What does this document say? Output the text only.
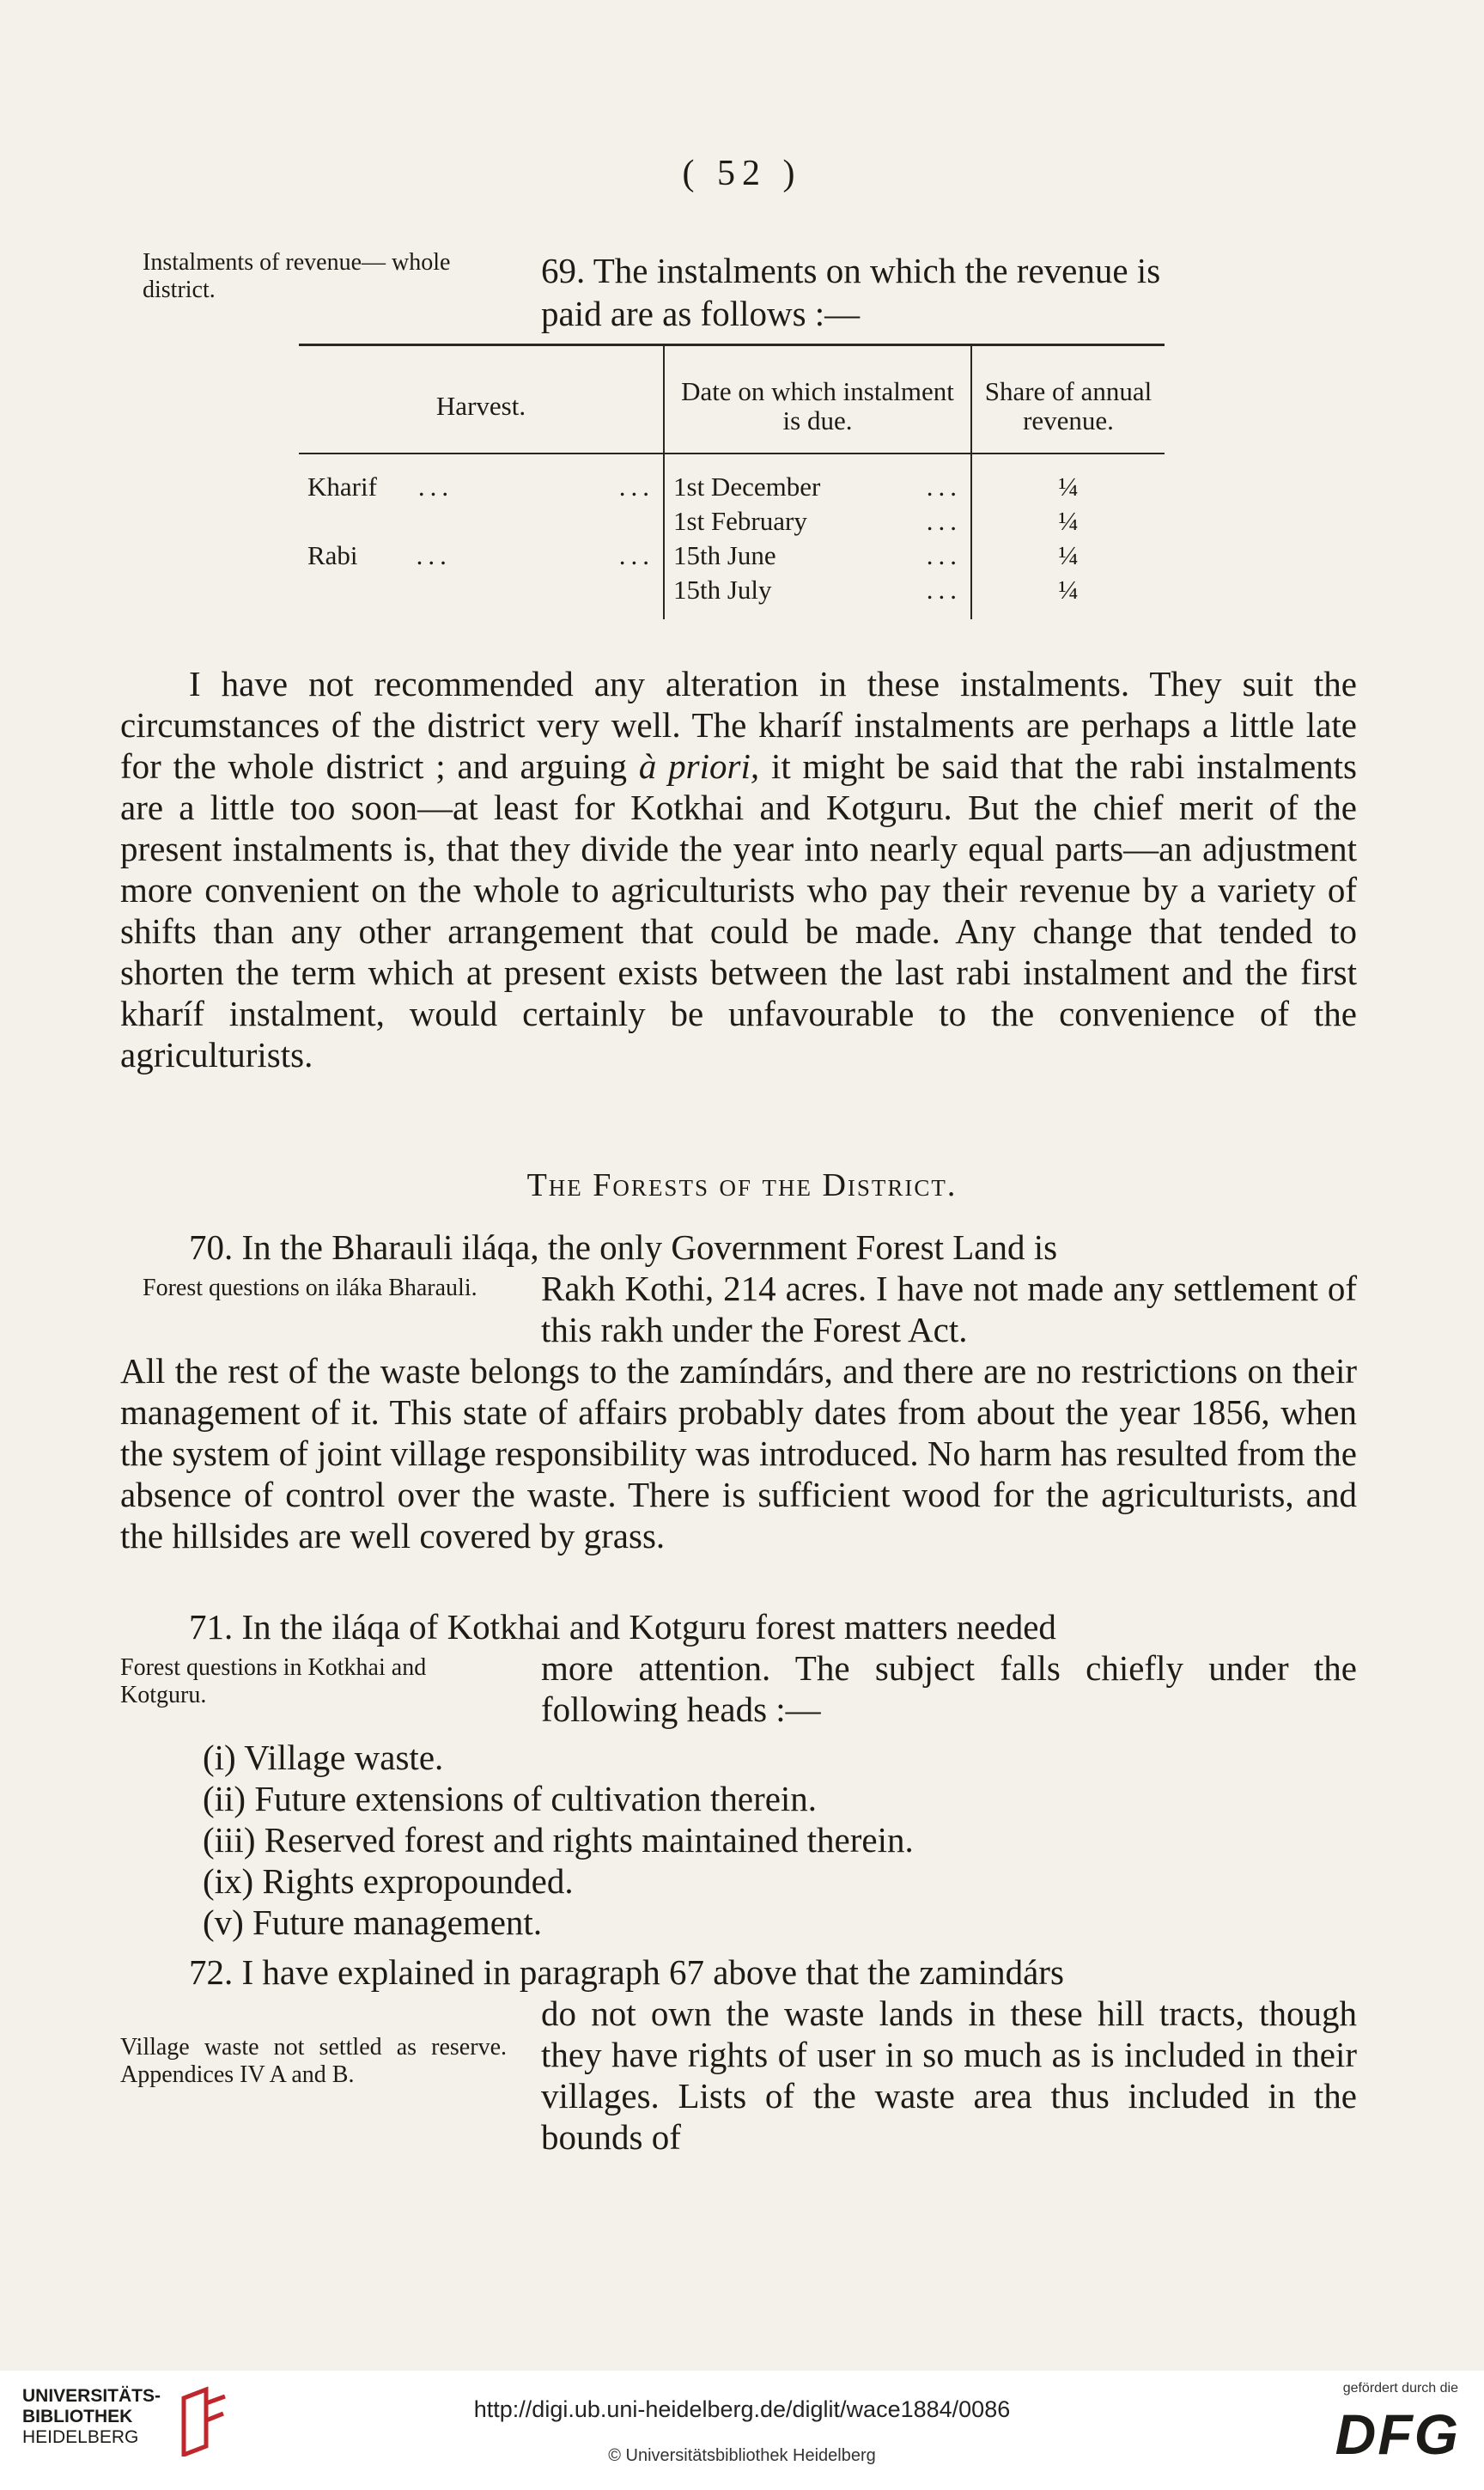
( 52 )
Instalments of revenue— whole district.	69. The instalments on which the revenue is
paid are as follows :—
Harvest.	Date on which instalment is due.	Share of annual revenue.
Kharif ... ...	1st December ...	¼
	1st February ...	¼
Rabi ... ...	15th June ...	¼
	15th July ...	¼
I have not recommended any alteration in these instalments. They suit the circumstances of the district very well. The kharíf instalments are perhaps a little late for the whole district ; and arguing à priori, it might be said that the rabi instalments are a little too soon—at least for Kotkhai and Kotguru. But the chief merit of the present instalments is, that they divide the year into nearly equal parts—an adjustment more convenient on the whole to agriculturists who pay their revenue by a variety of shifts than any other arrangement that could be made. Any change that tended to shorten the term which at present exists between the last rabi instalment and the first kharíf instalment, would certainly be unfavourable to the convenience of the agriculturists.
The Forests of the District.
70. In the Bharauli iláqa, the only Government Forest Land is
Forest questions on iláka Bharauli.	Rakh Kothi, 214 acres. I have not made any settlement of this rakh under the Forest Act.
All the rest of the waste belongs to the zamíndárs, and there are no restrictions on their management of it. This state of affairs probably dates from about the year 1856, when the system of joint village responsibility was introduced. No harm has resulted from the absence of control over the waste. There is sufficient wood for the agriculturists, and the hillsides are well covered by grass.
71. In the iláqa of Kotkhai and Kotguru forest matters needed
Forest questions in Kotkhai and Kotguru.
more attention. The subject falls chiefly under the following heads :—
(i) Village waste.
(ii) Future extensions of cultivation therein.
(iii) Reserved forest and rights maintained therein.
(ix) Rights expropounded.
(v) Future management.
72. I have explained in paragraph 67 above that the zamindárs
Village waste not settled as reserve. Appendices IV A and B.
do not own the waste lands in these hill tracts, though they have rights of user in so much as is included in their villages. Lists of the waste area thus included in the bounds of
UNIVERSITÄTS-
BIBLIOTHEK
HEIDELBERG
http://digi.ub.uni-heidelberg.de/diglit/wace1884/0086
© Universitätsbibliothek Heidelberg
gefördert durch die
DFG
